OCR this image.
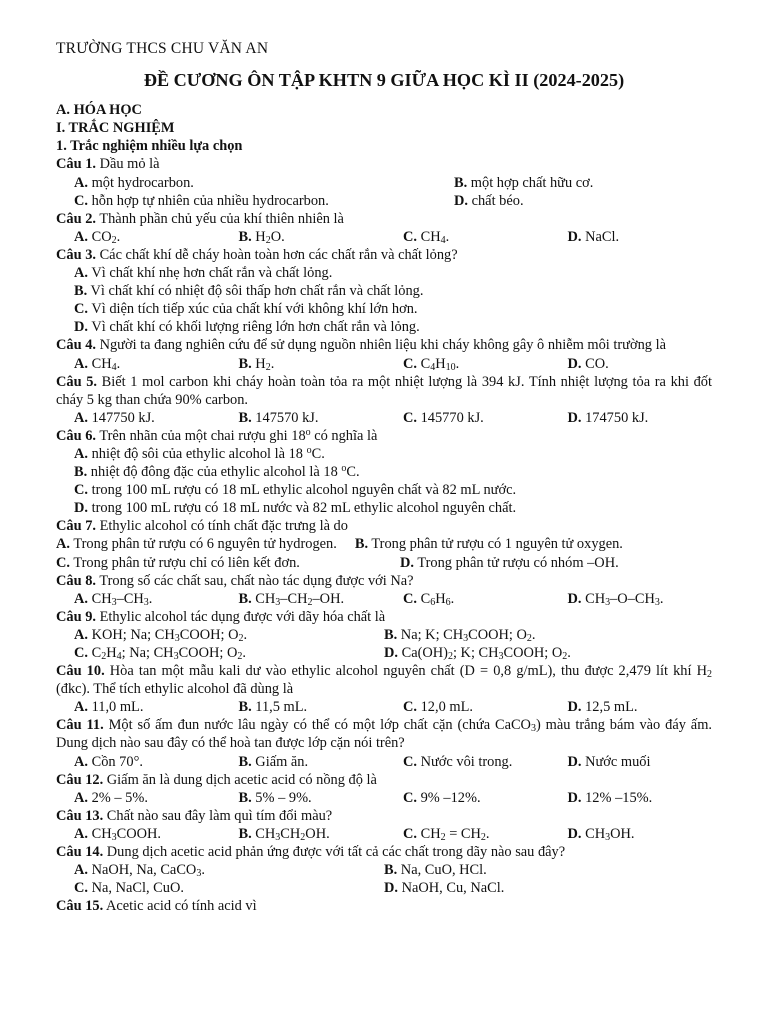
TRƯỜNG THCS CHU VĂN AN
ĐỀ CƯƠNG ÔN TẬP KHTN 9 GIỮA HỌC KÌ II (2024-2025)
A. HÓA HỌC
I. TRẮC NGHIỆM
1. Trắc nghiệm nhiều lựa chọn
Câu 1. Dầu mỏ là
A. một hydrocarbon.	B. một hợp chất hữu cơ.
C. hỗn hợp tự nhiên của nhiều hydrocarbon.	D. chất béo.
Câu 2. Thành phần chủ yếu của khí thiên nhiên là
A. $CO_2$.	B. $H_2O$.	C. $CH_4$.	D. NaCl.
Câu 3. Các chất khí dễ cháy hoàn toàn hơn các chất rắn và chất lỏng?
A. Vì chất khí nhẹ hơn chất rắn và chất lỏng.
B. Vì chất khí có nhiệt độ sôi thấp hơn chất rắn và chất lỏng.
C. Vì diện tích tiếp xúc của chất khí với không khí lớn hơn.
D. Vì chất khí có khối lượng riêng lớn hơn chất rắn và lỏng.
Câu 4. Người ta đang nghiên cứu để sử dụng nguồn nhiên liệu khi cháy không gây ô nhiễm môi trường là
A. $CH_4$.	B. $H_2$.	C. $C_4H_{10}$.	D. CO.
Câu 5. Biết 1 mol carbon khi cháy hoàn toàn tỏa ra một nhiệt lượng là 394 kJ. Tính nhiệt lượng tỏa ra khi đốt cháy 5 kg than chứa 90% carbon.
A. 147750 kJ.	B. 147570 kJ.	C. 145770 kJ.	D. 174750 kJ.
Câu 6. Trên nhãn của một chai rượu ghi 18$^o$ có nghĩa là
A. nhiệt độ sôi của ethylic alcohol là 18 $^o$C.
B. nhiệt độ đông đặc của ethylic alcohol là 18 $^o$C.
C. trong 100 mL rượu có 18 mL ethylic alcohol nguyên chất và 82 mL nước.
D. trong 100 mL rượu có 18 mL nước và 82 mL ethylic alcohol nguyên chất.
Câu 7. Ethylic alcohol có tính chất đặc trưng là do
A. Trong phân tử rượu có 6 nguyên tử hydrogen. B. Trong phân tử rượu có 1 nguyên tử oxygen.
C. Trong phân tử rượu chỉ có liên kết đơn.	D. Trong phân tử rượu có nhóm –OH.
Câu 8. Trong số các chất sau, chất nào tác dụng được với Na?
A. $CH_3-CH_3$.	B. $CH_3-CH_2-OH$.	C. $C_6H_6$.	D. $CH_3-O-CH_3$.
Câu 9. Ethylic alcohol tác dụng được với dãy hóa chất là
A. KOH; Na; $CH_3COOH$; $O_2$.	B. Na; K; $CH_3COOH$; $O_2$.
C. $C_2H_4$; Na; $CH_3COOH$; $O_2$.	D. $Ca(OH)_2$; K; $CH_3COOH$; $O_2$.
Câu 10. Hòa tan một mẫu kali dư vào ethylic alcohol nguyên chất (D = 0,8 g/mL), thu được 2,479 lít khí $H_2$ (đkc). Thể tích ethylic alcohol đã dùng là
A. 11,0 mL.	B. 11,5 mL.	C. 12,0 mL.	D. 12,5 mL.
Câu 11. Một số ấm đun nước lâu ngày có thể có một lớp chất cặn (chứa CaCO$_3$) màu trắng bám vào đáy ấm. Dung dịch nào sau đây có thể hoà tan được lớp cặn nói trên?
A. Cồn 70°.	B. Giấm ăn.	C. Nước vôi trong.	D. Nước muối
Câu 12. Giấm ăn là dung dịch acetic acid có nồng độ là
A. 2% – 5%.	B. 5% – 9%.	C. 9% –12%.	D. 12% –15%.
Câu 13. Chất nào sau đây làm quì tím đổi màu?
A. $CH_3COOH$.	B. $CH_3CH_2OH$.	C. $CH_2 = CH_2$.	D. $CH_3OH$.
Câu 14. Dung dịch acetic acid phản ứng được với tất cả các chất trong dãy nào sau đây?
A. NaOH, Na, CaCO$_3$.	B. Na, CuO, HCl.
C. Na, NaCl, CuO.	D. NaOH, Cu, NaCl.
Câu 15. Acetic acid có tính acid vì
